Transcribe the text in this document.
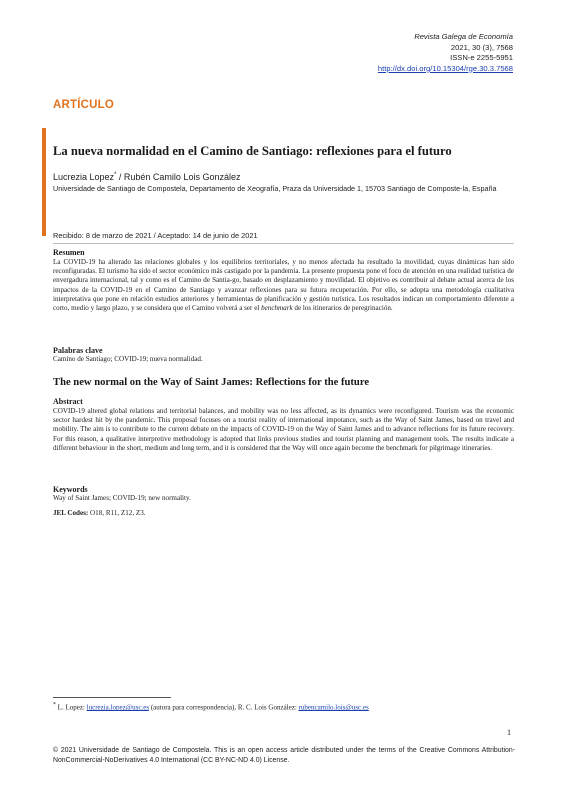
Revista Galega de Economía
2021, 30 (3), 7568
ISSN-e 2255-5951
http://dx.doi.org/10.15304/rge.30.3.7568
ARTÍCULO
La nueva normalidad en el Camino de Santiago: reflexiones para el futuro
Lucrezia Lopez* / Rubén Camilo Lois González
Universidade de Santiago de Compostela, Departamento de Xeografía, Praza da Universidade 1, 15703 Santiago de Composte-la, España
Recibido: 8 de marzo de 2021 / Aceptado: 14 de junio de 2021
Resumen
La COVID-19 ha alterado las relaciones globales y los equilibrios territoriales, y no menos afectada ha resultado la movilidad, cuyas dinámicas han sido reconfiguradas. El turismo ha sido el sector económico más castigado por la pandemia. La presente propuesta pone el foco de atención en una realidad turística de envergadura internacional, tal y como es el Camino de Santia-go, basado en desplazamiento y movilidad. El objetivo es contribuir al debate actual acerca de los impactos de la COVID-19 en el Camino de Santiago y avanzar reflexiones para su futura recuperación. Por ello, se adopta una metodología cualitativa interpretativa que pone en relación estudios anteriores y herramientas de planificación y gestión turística. Los resultados indican un comportamiento diferente a corto, medio y largo plazo, y se considera que el Camino volverá a ser el benchmark de los itinerarios de peregrinación.
Palabras clave
Camino de Santiago; COVID-19; nueva normalidad.
The new normal on the Way of Saint James: Reflections for the future
Abstract
COVID-19 altered global relations and territorial balances, and mobility was no less affected, as its dynamics were reconfigured. Tourism was the economic sector hardest hit by the pandemic. This proposal focuses on a tourist reality of international impotance, such as the Way of Saint James, based on travel and mobility. The aim is to contribute to the current debate on the impacts of COVID-19 on the Way of Saint James and to advance reflections for its future recovery. For this reason, a qualitative interpretive methodology is adopted that links previous studies and tourist planning and management tools. The results indicate a different behaviour in the short, medium and long term, and it is considered that the Way will once again become the benchmark for pilgrimage itineraries.
Keywords
Way of Saint James; COVID-19; new normality.
JEL Codes: O18, R11, Z12, Z3.
* L. Lopez: lucrezia.lopez@usc.es (autora para correspondencia), R. C. Lois González: rubencamilo.lois@usc.es
1
© 2021 Universidade de Santiago de Compostela. This is an open access article distributed under the terms of the Creative Commons Attribution-NonCommercial-NoDerivatives 4.0 International (CC BY-NC-ND 4.0) License.
